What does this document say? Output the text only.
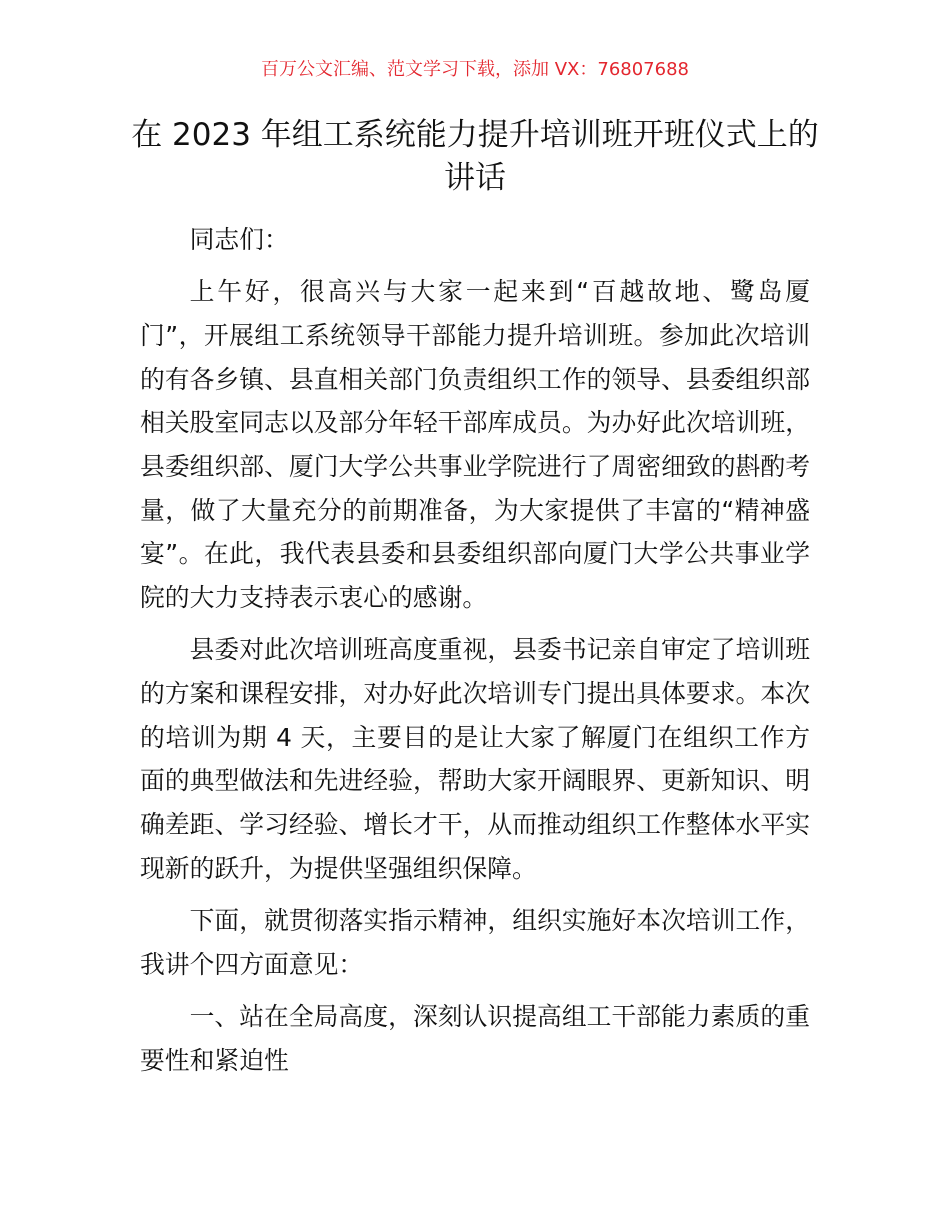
百万公文汇编、范文学习下载，添加 VX：76807688
在 2023 年组工系统能力提升培训班开班仪式上的讲话

同志们：

上午好，很高兴与大家一起来到“百越故地、鹭岛厦门”，开展组工系统领导干部能力提升培训班。参加此次培训的有各乡镇、县直相关部门负责组织工作的领导、县委组织部相关股室同志以及部分年轻干部库成员。为办好此次培训班，县委组织部、厦门大学公共事业学院进行了周密细致的斟酌考量，做了大量充分的前期准备，为大家提供了丰富的“精神盛宴”。在此，我代表县委和县委组织部向厦门大学公共事业学院的大力支持表示衷心的感谢。

县委对此次培训班高度重视，县委书记亲自审定了培训班的方案和课程安排，对办好此次培训专门提出具体要求。本次的培训为期 4 天，主要目的是让大家了解厦门在组织工作方面的典型做法和先进经验，帮助大家开阔眼界、更新知识、明确差距、学习经验、增长才干，从而推动组织工作整体水平实现新的跃升，为提供坚强组织保障。

下面，就贯彻落实指示精神，组织实施好本次培训工作，我讲个四方面意见：

一、站在全局高度，深刻认识提高组工干部能力素质的重要性和紧迫性
